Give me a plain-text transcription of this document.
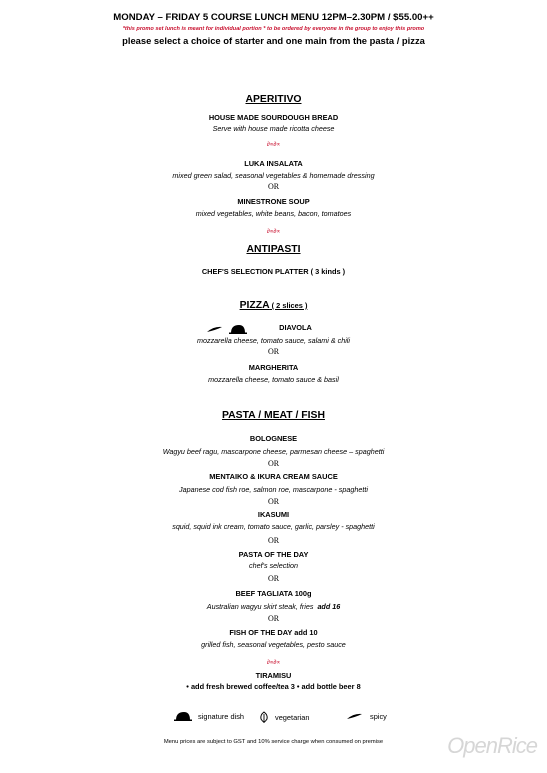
MONDAY – FRIDAY 5 COURSE LUNCH MENU 12PM–2.30PM / $55.00++
*this promo set lunch is meant for individual portion * to be ordered by everyone in the group to enjoy this promo
please select a choice of starter and one main from the pasta / pizza
APERITIVO
HOUSE MADE SOURDOUGH BREAD
Serve with house made ricotta cheese
∂∝∂∝
LUKA INSALATA
mixed green salad, seasonal vegetables & homemade dressing
OR
MINESTRONE SOUP
mixed vegetables, white beans, bacon, tomatoes
∂∝∂∝
ANTIPASTI
CHEF'S SELECTION PLATTER ( 3 kinds )
PIZZA ( 2 slices )
DIAVOLA
mozzarella cheese, tomato sauce, salami & chili
OR
MARGHERITA
mozzarella cheese, tomato sauce & basil
PASTA / MEAT / FISH
BOLOGNESE
Wagyu beef ragu, mascarpone cheese, parmesan cheese – spaghetti
OR
MENTAIKO & IKURA CREAM SAUCE
Japanese cod fish roe, salmon roe, mascarpone - spaghetti
OR
IKASUMI
squid, squid ink cream, tomato sauce, garlic, parsley - spaghetti
OR
PASTA OF THE DAY
chef's selection
OR
BEEF TAGLIATA 100g
Australian wagyu skirt steak, fries add 16
OR
FISH OF THE DAY add 10
grilled fish, seasonal vegetables, pesto sauce
∂∝∂∝
TIRAMISU
• add fresh brewed coffee/tea 3 • add bottle beer 8
signature dish	vegetarian	spicy
Menu prices are subject to GST and 10% service charge when consumed on premise	OpenRice
